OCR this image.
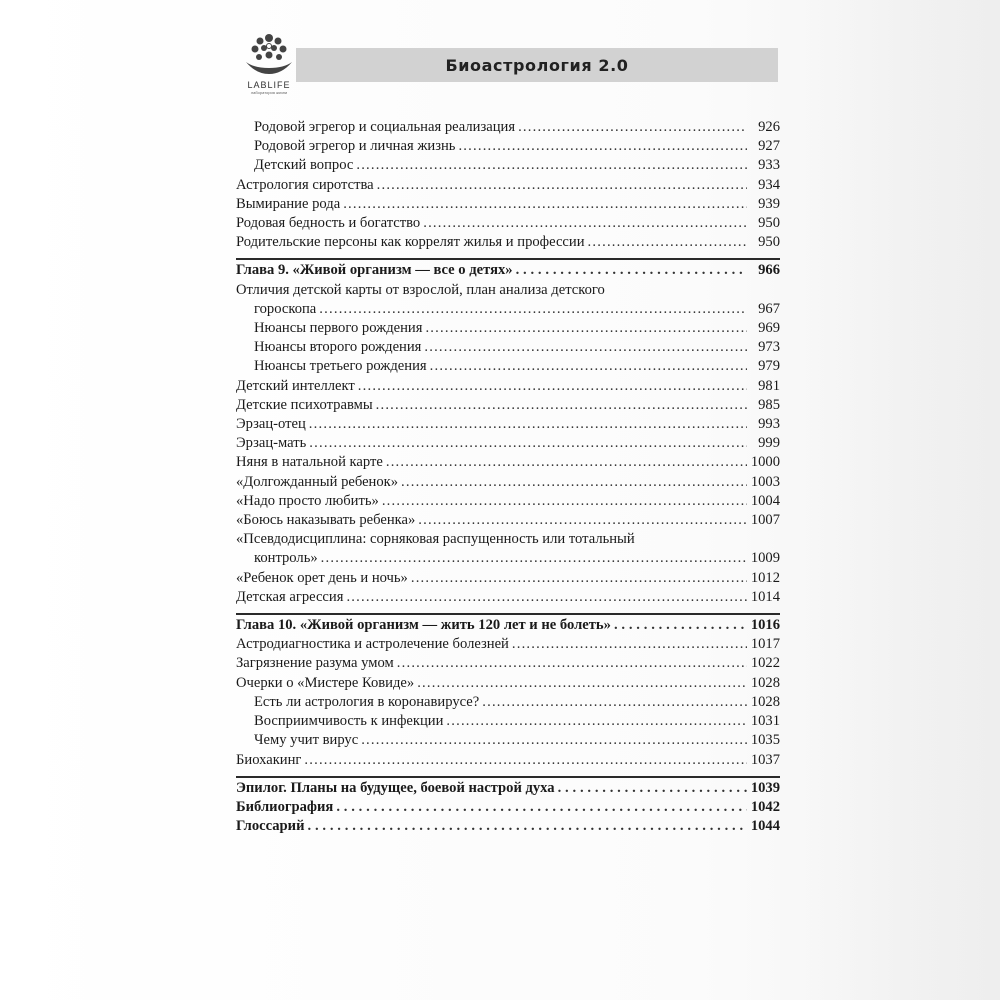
LABLIFE
лаборатория жизни
Биоастрология 2.0
Родовой эгрегор и социальная реализация .....	926
Родовой эгрегор и личная жизнь .....	927
Детский вопрос .....	933
Астрология сиротства .....	934
Вымирание рода .....	939
Родовая бедность и богатство .....	950
Родительские персоны как коррелят жилья и профессии .....	950
Глава 9. «Живой организм — все о детях» .....	966
Отличия детской карты от взрослой, план анализа детского
гороскопа .....	967
Нюансы первого рождения .....	969
Нюансы второго рождения .....	973
Нюансы третьего рождения .....	979
Детский интеллект .....	981
Детские психотравмы .....	985
Эрзац-отец .....	993
Эрзац-мать .....	999
Няня в натальной карте .....	1000
«Долгожданный ребенок» .....	1003
«Надо просто любить» .....	1004
«Боюсь наказывать ребенка» .....	1007
«Псевдодисциплина: сорняковая распущенность или тотальный
контроль» .....	1009
«Ребенок орет день и ночь» .....	1012
Детская агрессия .....	1014
Глава 10. «Живой организм — жить 120 лет и не болеть» .....	1016
Астродиагностика и астролечение болезней .....	1017
Загрязнение разума умом .....	1022
Очерки о «Мистере Ковиде» .....	1028
Есть ли астрология в коронавирусе? .....	1028
Восприимчивость к инфекции .....	1031
Чему учит вирус .....	1035
Биохакинг .....	1037
Эпилог. Планы на будущее, боевой настрой духа .....	1039
Библиография .....	1042
Глоссарий .....	1044
